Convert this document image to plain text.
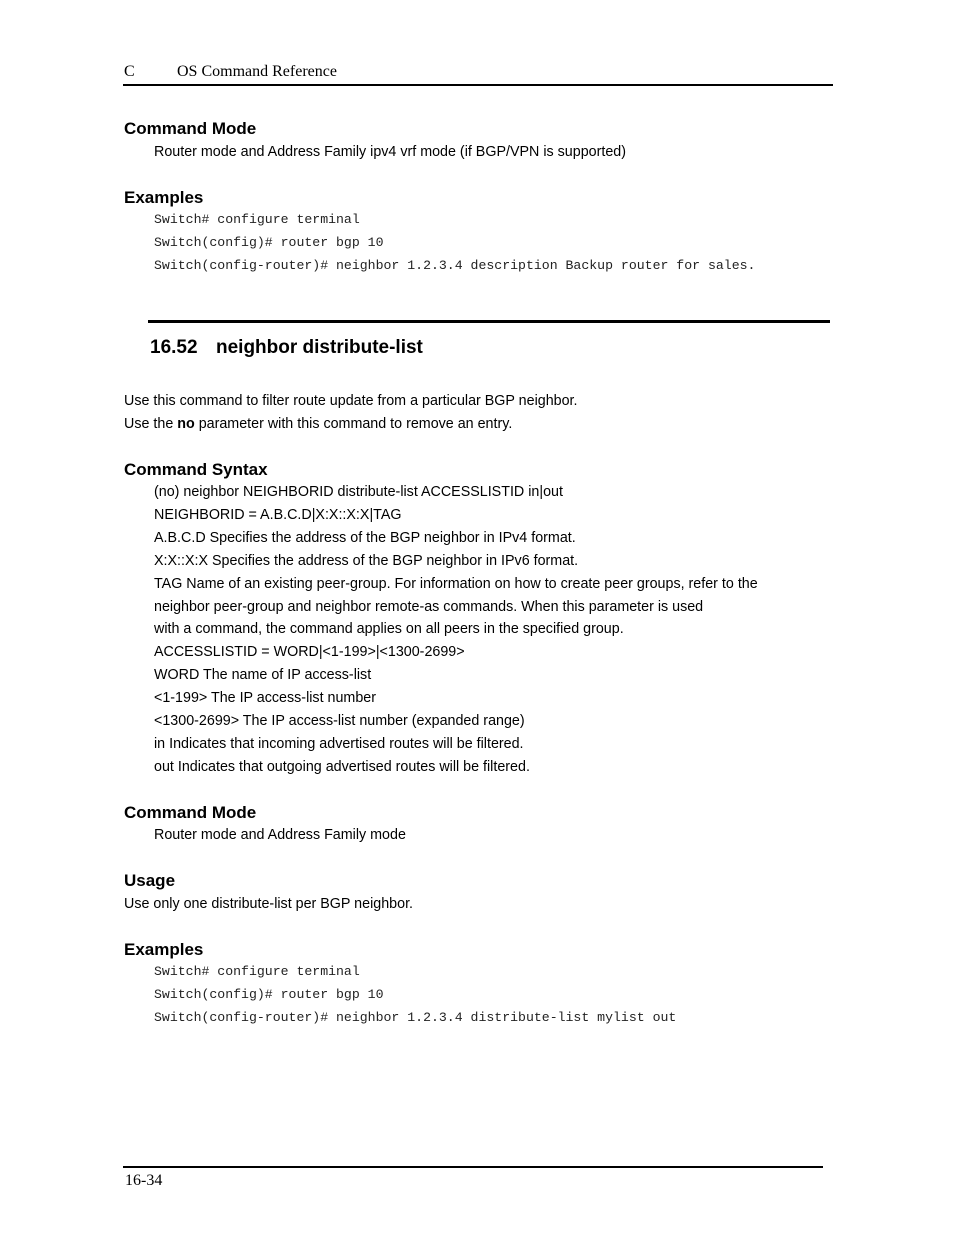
C	OS Command Reference
Command Mode
Router mode and Address Family ipv4 vrf mode (if BGP/VPN is supported)
Examples
Switch# configure terminal
Switch(config)# router bgp 10
Switch(config-router)# neighbor 1.2.3.4 description Backup router for sales.
16.52 neighbor distribute-list
Use this command to filter route update from a particular BGP neighbor.
Use the no parameter with this command to remove an entry.
Command Syntax
(no) neighbor NEIGHBORID distribute-list ACCESSLISTID in|out
NEIGHBORID = A.B.C.D|X:X::X:X|TAG
A.B.C.D Specifies the address of the BGP neighbor in IPv4 format.
X:X::X:X Specifies the address of the BGP neighbor in IPv6 format.
TAG Name of an existing peer-group. For information on how to create peer groups, refer to the
neighbor peer-group and neighbor remote-as commands. When this parameter is used
with a command, the command applies on all peers in the specified group.
ACCESSLISTID = WORD|<1-199>|<1300-2699>
WORD The name of IP access-list
<1-199> The IP access-list number
<1300-2699> The IP access-list number (expanded range)
in Indicates that incoming advertised routes will be filtered.
out Indicates that outgoing advertised routes will be filtered.
Command Mode
Router mode and Address Family mode
Usage
Use only one distribute-list per BGP neighbor.
Examples
Switch# configure terminal
Switch(config)# router bgp 10
Switch(config-router)# neighbor 1.2.3.4 distribute-list mylist out
16-34
